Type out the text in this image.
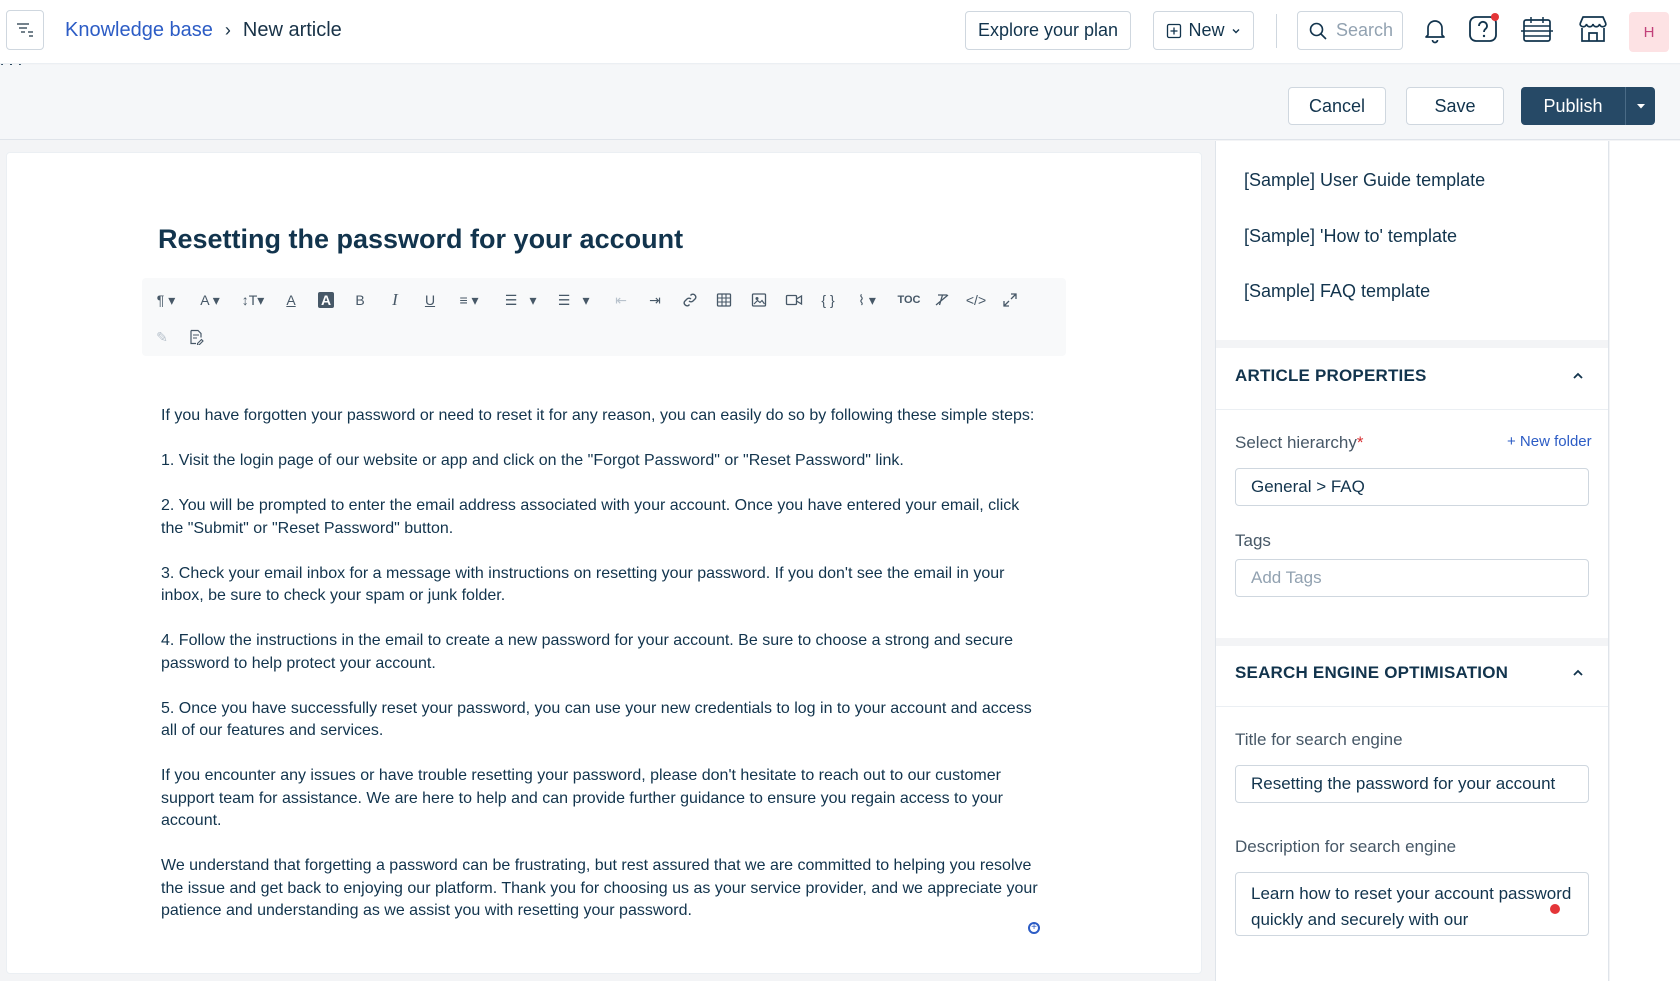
Knowledge base › New article	Explore your plan	New	Search	H
Cancel	Save	Publish
Resetting the password for your account
¶ ▾ A ▾ ↕T▾ A A B I U ≡ ▾ ☰ ▾ ☰ ▾ ⇤ ⇥	{ } ⌇ ▾ TOC	</>
✎

If you have forgotten your password or need to reset it for any reason, you can easily do so by following these simple steps:

1. Visit the login page of our website or app and click on the "Forgot Password" or "Reset Password" link.

2. You will be prompted to enter the email address associated with your account. Once you have entered your email, click the "Submit" or "Reset Password" button.

3. Check your email inbox for a message with instructions on resetting your password. If you don't see the email in your inbox, be sure to check your spam or junk folder.

4. Follow the instructions in the email to create a new password for your account. Be sure to choose a strong and secure password to help protect your account.

5. Once you have successfully reset your password, you can use your new credentials to log in to your account and access all of our features and services.

If you encounter any issues or have trouble resetting your password, please don't hesitate to reach out to our customer support team for assistance. We are here to help and can provide further guidance to ensure you regain access to your account.

We understand that forgetting a password can be frustrating, but rest assured that we are committed to helping you resolve the issue and get back to enjoying our platform. Thank you for choosing us as your service provider, and we appreciate your patience and understanding as we assist you with resetting your password.

+
[Sample] User Guide template
[Sample] 'How to' template
[Sample] FAQ template
ARTICLE PROPERTIES
Select hierarchy*	+ New folder
General > FAQ
Tags
Add Tags
SEARCH ENGINE OPTIMISATION
Title for search engine
Resetting the password for your account
Description for search engine
Learn how to reset your account password quickly and securely with our
